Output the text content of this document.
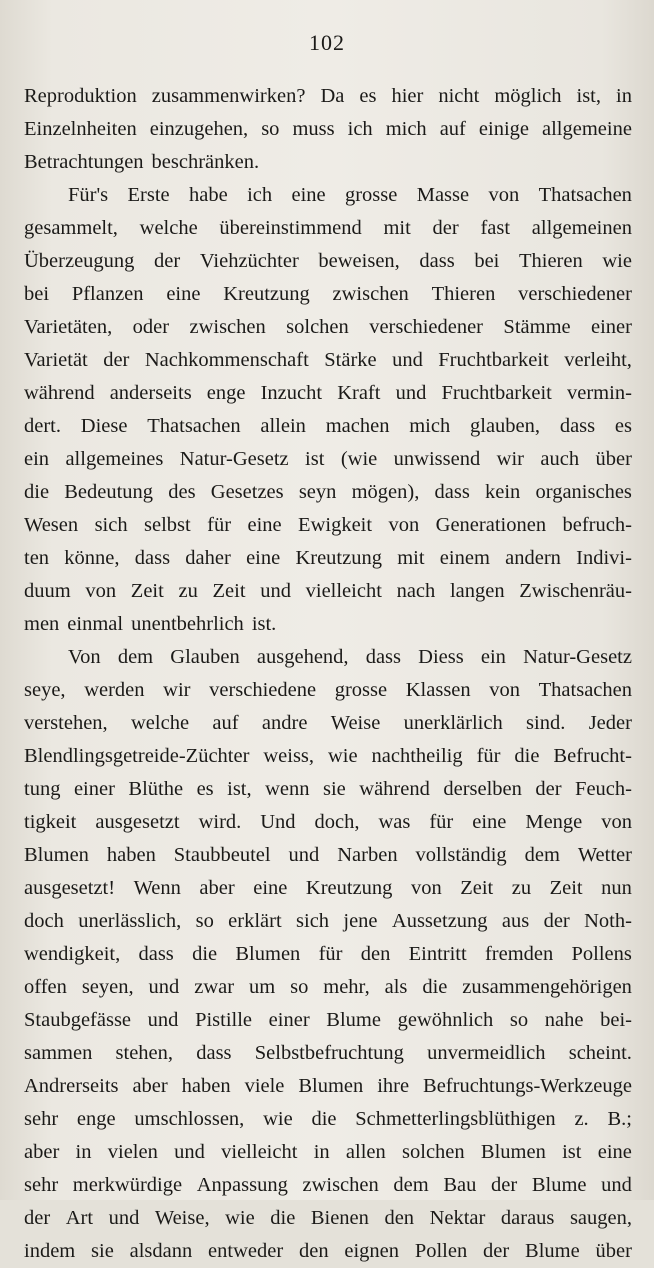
102
Reproduktion zusammenwirken? Da es hier nicht möglich ist, in
Einzelnheiten einzugehen, so muss ich mich auf einige allgemeine
Betrachtungen beschränken.
Für's Erste habe ich eine grosse Masse von Thatsachen
gesammelt, welche übereinstimmend mit der fast allgemeinen
Überzeugung der Viehzüchter beweisen, dass bei Thieren wie
bei Pflanzen eine Kreutzung zwischen Thieren verschiedener
Varietäten, oder zwischen solchen verschiedener Stämme einer
Varietät der Nachkommenschaft Stärke und Fruchtbarkeit verleiht,
während anderseits enge Inzucht Kraft und Fruchtbarkeit vermin-
dert. Diese Thatsachen allein machen mich glauben, dass es
ein allgemeines Natur-Gesetz ist (wie unwissend wir auch über
die Bedeutung des Gesetzes seyn mögen), dass kein organisches
Wesen sich selbst für eine Ewigkeit von Generationen befruch-
ten könne, dass daher eine Kreutzung mit einem andern Indivi-
duum von Zeit zu Zeit und vielleicht nach langen Zwischenräu-
men einmal unentbehrlich ist.
Von dem Glauben ausgehend, dass Diess ein Natur-Gesetz
seye, werden wir verschiedene grosse Klassen von Thatsachen
verstehen, welche auf andre Weise unerklärlich sind. Jeder
Blendlingsgetreide-Züchter weiss, wie nachtheilig für die Befrucht-
tung einer Blüthe es ist, wenn sie während derselben der Feuch-
tigkeit ausgesetzt wird. Und doch, was für eine Menge von
Blumen haben Staubbeutel und Narben vollständig dem Wetter
ausgesetzt! Wenn aber eine Kreutzung von Zeit zu Zeit nun
doch unerlässlich, so erklärt sich jene Aussetzung aus der Noth-
wendigkeit, dass die Blumen für den Eintritt fremden Pollens
offen seyen, und zwar um so mehr, als die zusammengehörigen
Staubgefässe und Pistille einer Blume gewöhnlich so nahe bei-
sammen stehen, dass Selbstbefruchtung unvermeidlich scheint.
Andrerseits aber haben viele Blumen ihre Befruchtungs-Werkzeuge
sehr enge umschlossen, wie die Schmetterlingsblüthigen z. B.;
aber in vielen und vielleicht in allen solchen Blumen ist eine
sehr merkwürdige Anpassung zwischen dem Bau der Blume und
der Art und Weise, wie die Bienen den Nektar daraus saugen,
indem sie alsdann entweder den eignen Pollen der Blume über
